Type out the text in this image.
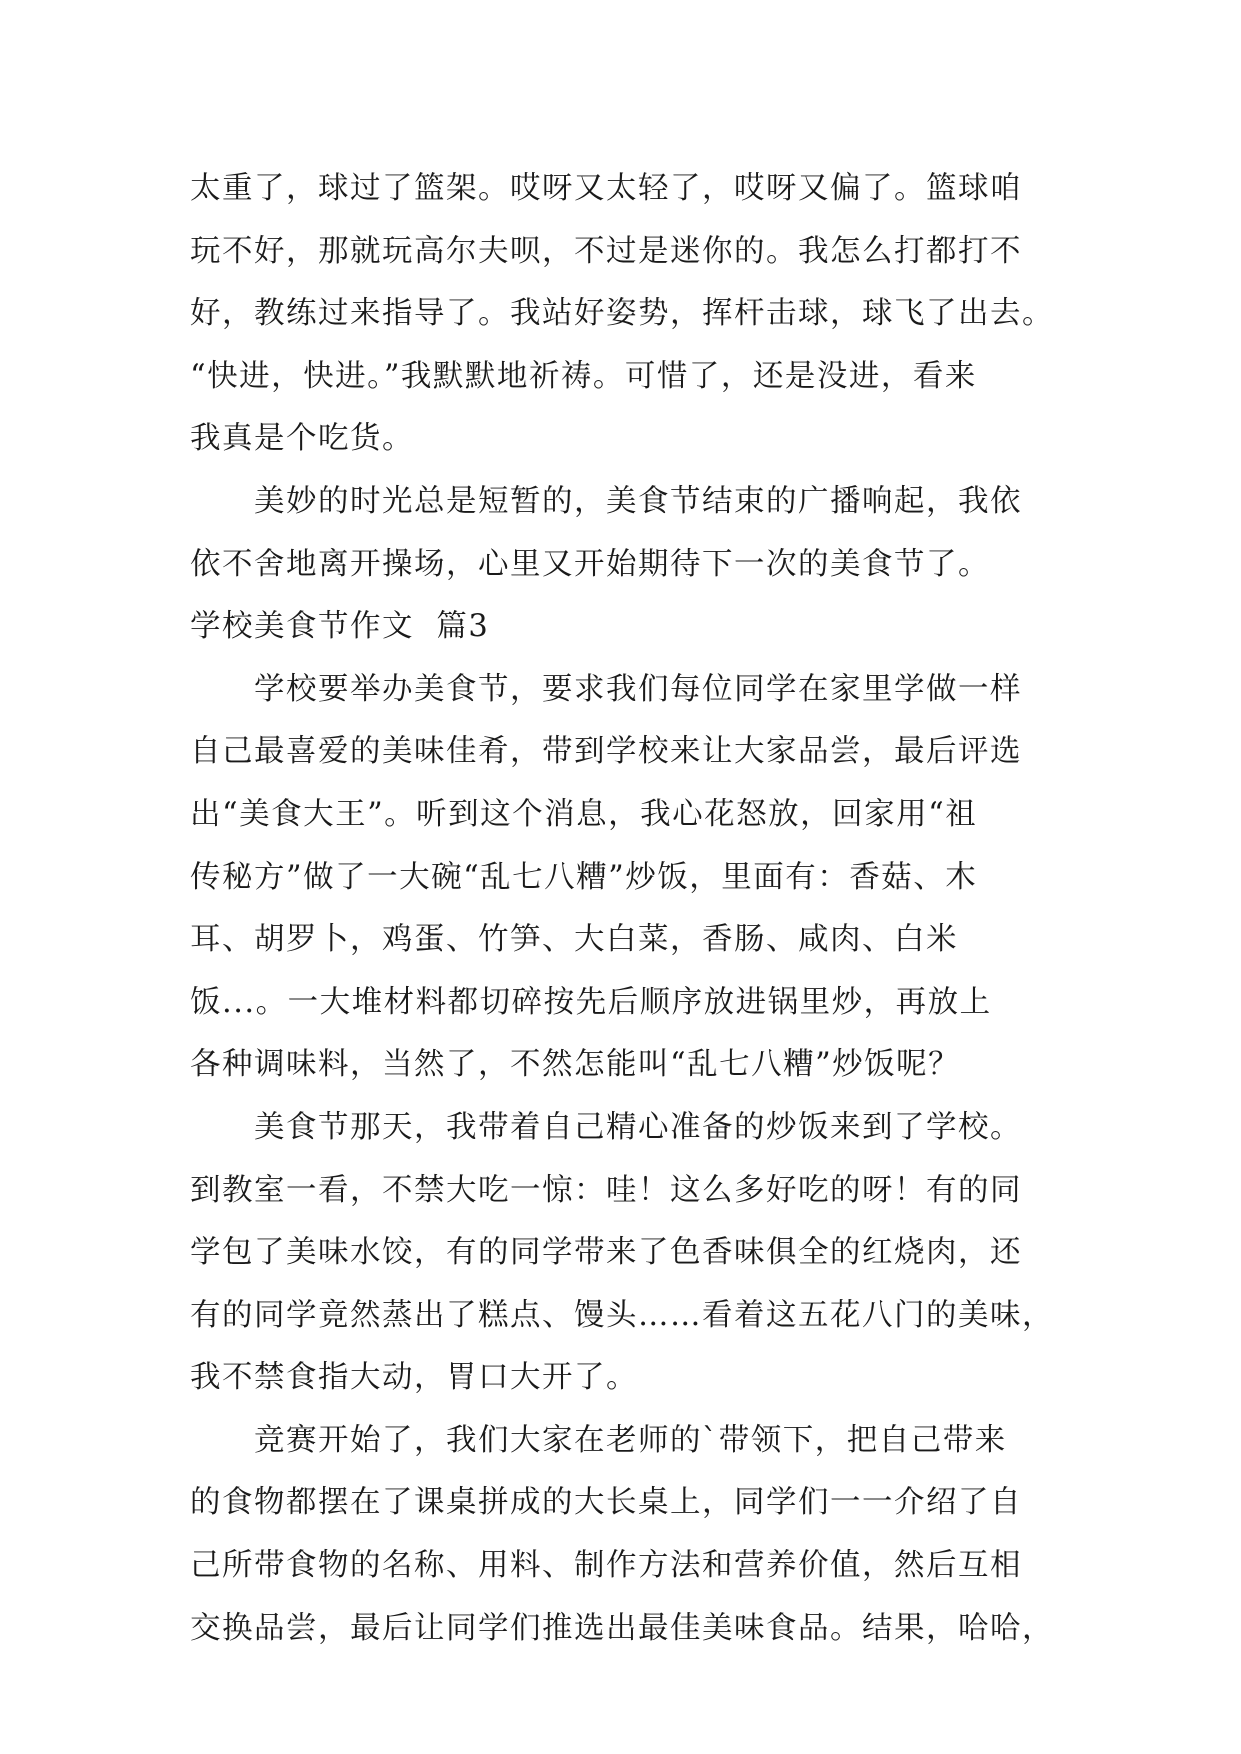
太重了，球过了篮架。哎呀又太轻了，哎呀又偏了。篮球咱
玩不好，那就玩高尔夫呗，不过是迷你的。我怎么打都打不
好，教练过来指导了。我站好姿势，挥杆击球，球飞了出去。
“快进，快进。”我默默地祈祷。可惜了，还是没进，看来
我真是个吃货。
　　美妙的时光总是短暂的，美食节结束的广播响起，我依
依不舍地离开操场，心里又开始期待下一次的美食节了。
学校美食节作文  篇3
　　学校要举办美食节，要求我们每位同学在家里学做一样
自己最喜爱的美味佳肴，带到学校来让大家品尝，最后评选
出“美食大王”。听到这个消息，我心花怒放，回家用“祖
传秘方”做了一大碗“乱七八糟”炒饭，里面有：香菇、木
耳、胡罗卜，鸡蛋、竹笋、大白菜，香肠、咸肉、白米
饭...。一大堆材料都切碎按先后顺序放进锅里炒，再放上
各种调味料，当然了，不然怎能叫“乱七八糟”炒饭呢？
　　美食节那天，我带着自己精心准备的炒饭来到了学校。
到教室一看，不禁大吃一惊：哇！这么多好吃的呀！有的同
学包了美味水饺，有的同学带来了色香味俱全的红烧肉，还
有的同学竟然蒸出了糕点、馒头……看着这五花八门的美味，
我不禁食指大动，胃口大开了。
　　竞赛开始了，我们大家在老师的`带领下，把自己带来
的食物都摆在了课桌拼成的大长桌上，同学们一一介绍了自
己所带食物的名称、用料、制作方法和营养价值，然后互相
交换品尝，最后让同学们推选出最佳美味食品。结果，哈哈，
